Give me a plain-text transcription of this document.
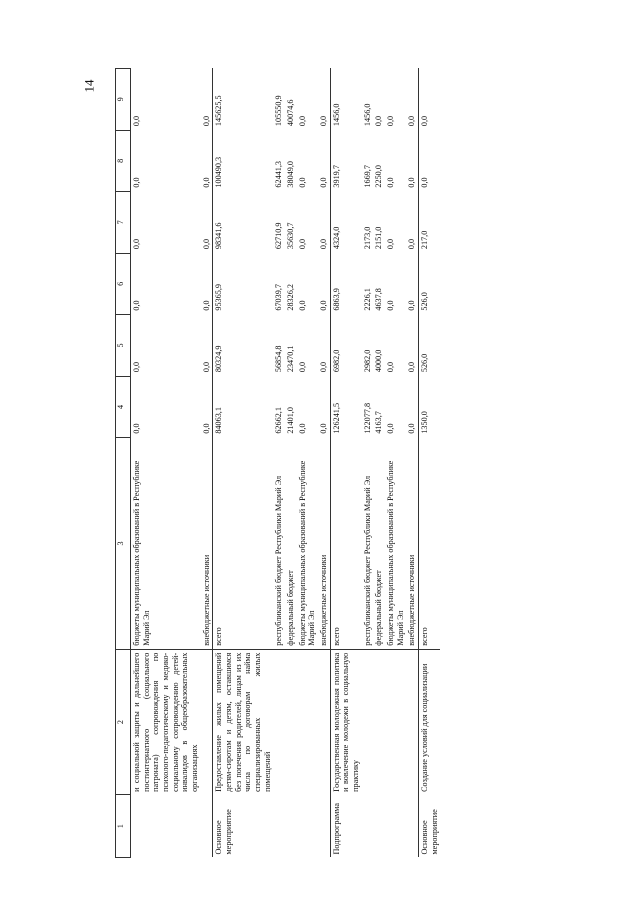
14
1	2	3	4	5	6	7	8	9
	и социальной защиты и дальнейшего постинтернатного (социального патроната) сопровождения по психолого-педагогическому и медико-социальному сопровождению детей-инвалидов в общеобразовательных организациях	бюджеты муниципальных образований в Республике Марий Эл	0,0	0,0	0,0	0,0	0,0	0,0
		внебюджетные источники	0,0	0,0	0,0	0,0	0,0	0,0
Основное мероприятие	Предоставление жилых помещений детям-сиротам и детям, оставшимся без попечения родителей, лицам из их числа по договорам найма специализированных жилых помещений	всего	84063,1	80324,9	95365,9	98341,6	100490,3	145625,5
		республиканский бюджет Республики Марий Эл	62662,1	56854,8	67039,7	62710,9	62441,3	105550,9
		федеральный бюджет	21401,0	23470,1	28326,2	35630,7	38049,0	40074,6
		бюджеты муниципальных образований в Республике Марий Эл	0,0	0,0	0,0	0,0	0,0	0,0
		внебюджетные источники	0,0	0,0	0,0	0,0	0,0	0,0
Подпрограмма	Государственная молодежная политика и вовлечение молодежи в социальную практику	всего	126241,5	6982,0	6863,9	4324,0	3919,7	1456,0
		республиканский бюджет Республики Марий Эл	122077,8	2982,0	2226,1	2173,0	1669,7	1456,0
		федеральный бюджет	4163,7	4000,0	4637,8	2151,0	2250,0	0,0
		бюджеты муниципальных образований в Республике Марий Эл	0,0	0,0	0,0	0,0	0,0	0,0
		внебюджетные источники	0,0	0,0	0,0	0,0	0,0	0,0
Основное мероприятие	Создание условий для социализации	всего	1350,0	526,0	526,0	217,0	0,0	0,0
